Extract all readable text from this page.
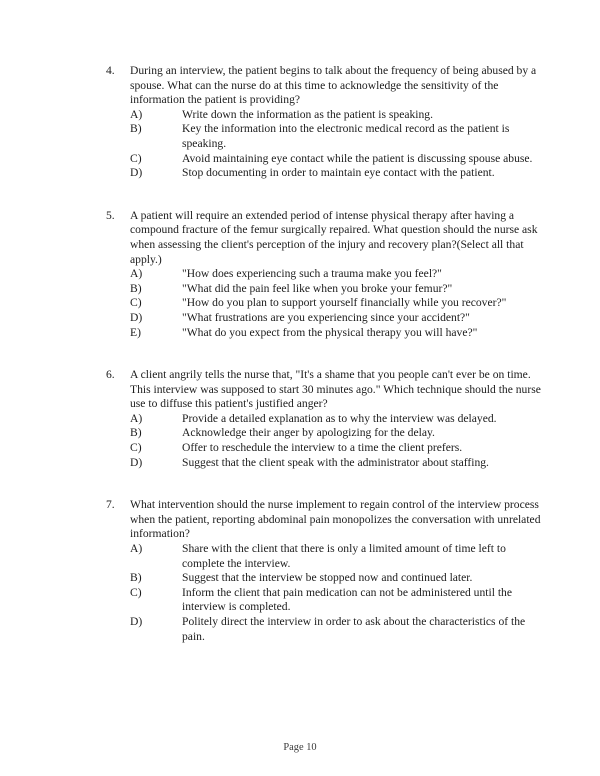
4.	During an interview, the patient begins to talk about the frequency of being abused by a spouse. What can the nurse do at this time to acknowledge the sensitivity of the information the patient is providing?

A)	Write down the information as the patient is speaking.
B)	Key the information into the electronic medical record as the patient is speaking.
C)	Avoid maintaining eye contact while the patient is discussing spouse abuse.
D)	Stop documenting in order to maintain eye contact with the patient.

5.	A patient will require an extended period of intense physical therapy after having a compound fracture of the femur surgically repaired. What question should the nurse ask when assessing the client's perception of the injury and recovery plan?(Select all that apply.)

A)	"How does experiencing such a trauma make you feel?"
B)	"What did the pain feel like when you broke your femur?"
C)	"How do you plan to support yourself financially while you recover?"
D)	"What frustrations are you experiencing since your accident?"
E)	"What do you expect from the physical therapy you will have?"

6.	A client angrily tells the nurse that, "It's a shame that you people can't ever be on time. This interview was supposed to start 30 minutes ago." Which technique should the nurse use to diffuse this patient's justified anger?

A)	Provide a detailed explanation as to why the interview was delayed.
B)	Acknowledge their anger by apologizing for the delay.
C)	Offer to reschedule the interview to a time the client prefers.
D)	Suggest that the client speak with the administrator about staffing.

7.	What intervention should the nurse implement to regain control of the interview process when the patient, reporting abdominal pain monopolizes the conversation with unrelated information?

A)	Share with the client that there is only a limited amount of time left to complete the interview.
B)	Suggest that the interview be stopped now and continued later.
C)	Inform the client that pain medication can not be administered until the interview is completed.
D)	Politely direct the interview in order to ask about the characteristics of the pain.
Page 10
